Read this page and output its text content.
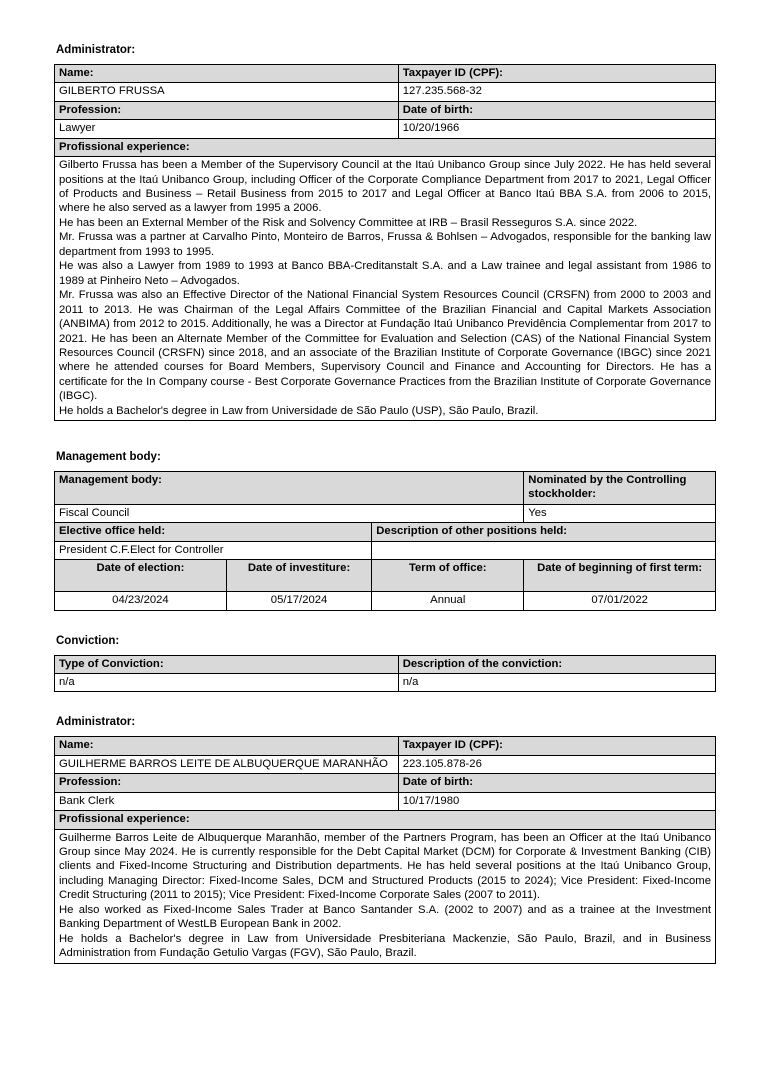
Administrator:
Name:	Taxpayer ID (CPF):
GILBERTO FRUSSA	127.235.568-32
Profession:	Date of birth:
Lawyer	10/20/1966
Profissional experience:	

Gilberto Frussa has been a Member of the Supervisory Council at the Itaú Unibanco Group since July 2022. He has held several positions at the Itaú Unibanco Group, including Officer of the Corporate Compliance Department from 2017 to 2021, Legal Officer of Products and Business – Retail Business from 2015 to 2017 and Legal Officer at Banco Itaú BBA S.A. from 2006 to 2015, where he also served as a lawyer from 1995 a 2006.

He has been an External Member of the Risk and Solvency Committee at IRB – Brasil Resseguros S.A. since 2022.

Mr. Frussa was a partner at Carvalho Pinto, Monteiro de Barros, Frussa & Bohlsen – Advogados, responsible for the banking law department from 1993 to 1995.

He was also a Lawyer from 1989 to 1993 at Banco BBA-Creditanstalt S.A. and a Law trainee and legal assistant from 1986 to 1989 at Pinheiro Neto – Advogados.

Mr. Frussa was also an Effective Director of the National Financial System Resources Council (CRSFN) from 2000 to 2003 and 2011 to 2013. He was Chairman of the Legal Affairs Committee of the Brazilian Financial and Capital Markets Association (ANBIMA) from 2012 to 2015. Additionally, he was a Director at Fundação Itaú Unibanco Previdência Complementar from 2017 to 2021. He has been an Alternate Member of the Committee for Evaluation and Selection (CAS) of the National Financial System Resources Council (CRSFN) since 2018, and an associate of the Brazilian Institute of Corporate Governance (IBGC) since 2021 where he attended courses for Board Members, Supervisory Council and Finance and Accounting for Directors. He has a certificate for the In Company course - Best Corporate Governance Practices from the Brazilian Institute of Corporate Governance (IBGC).

He holds a Bachelor's degree in Law from Universidade de São Paulo (USP), São Paulo, Brazil.

Management body:
Management body:			Nominated by the Controlling stockholder:
Fiscal Council			Yes
Elective office held:		Description of other positions held:	
President C.F.Elect for Controller			
Date of election:	Date of investiture:	Term of office:	Date of beginning of first term:
04/23/2024	05/17/2024	Annual	07/01/2022
Conviction:
Type of Conviction:	Description of the conviction:
n/a	n/a
Administrator:
Name:	Taxpayer ID (CPF):
GUILHERME BARROS LEITE DE ALBUQUERQUE MARANHÃO	223.105.878-26
Profession:	Date of birth:
Bank Clerk	10/17/1980
Profissional experience:	

Guilherme Barros Leite de Albuquerque Maranhão, member of the Partners Program, has been an Officer at the Itaú Unibanco Group since May 2024. He is currently responsible for the Debt Capital Market (DCM) for Corporate & Investment Banking (CIB) clients and Fixed-Income Structuring and Distribution departments. He has held several positions at the Itaú Unibanco Group, including Managing Director: Fixed-Income Sales, DCM and Structured Products (2015 to 2024); Vice President: Fixed-Income Credit Structuring (2011 to 2015); Vice President: Fixed-Income Corporate Sales (2007 to 2011).

He also worked as Fixed-Income Sales Trader at Banco Santander S.A. (2002 to 2007) and as a trainee at the Investment Banking Department of WestLB European Bank in 2002.

He holds a Bachelor's degree in Law from Universidade Presbiteriana Mackenzie, São Paulo, Brazil, and in Business Administration from Fundação Getulio Vargas (FGV), São Paulo, Brazil.	
